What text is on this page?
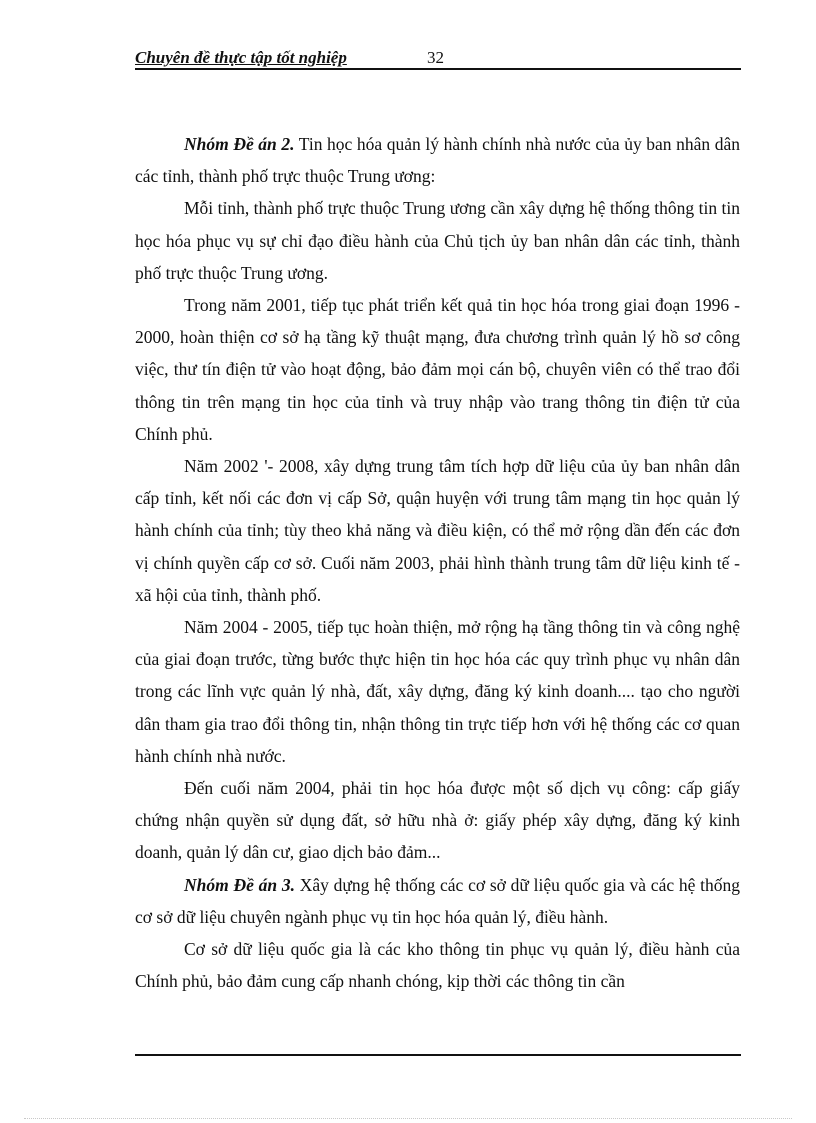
Chuyên đề thực tập tốt nghiệp	32

Nhóm Đề án 2. Tin học hóa quản lý hành chính nhà nước của ủy ban nhân dân các tỉnh, thành phố trực thuộc Trung ương:

Mỗi tỉnh, thành phố trực thuộc Trung ương cần xây dựng hệ thống thông tin tin học hóa phục vụ sự chỉ đạo điều hành của Chủ tịch ủy ban nhân dân các tỉnh, thành phố trực thuộc Trung ương.

Trong năm 2001, tiếp tục phát triển kết quả tin học hóa trong giai đoạn 1996 - 2000, hoàn thiện cơ sở hạ tầng kỹ thuật mạng, đưa chương trình quản lý hồ sơ công việc, thư tín điện tử vào hoạt động, bảo đảm mọi cán bộ, chuyên viên có thể trao đổi thông tin trên mạng tin học của tỉnh và truy nhập vào trang thông tin điện tử của Chính phủ.

Năm 2002 '- 2008, xây dựng trung tâm tích hợp dữ liệu của ủy ban nhân dân cấp tỉnh, kết nối các đơn vị cấp Sở, quận huyện với trung tâm mạng tin học quản lý hành chính của tỉnh; tùy theo khả năng và điều kiện, có thể mở rộng dần đến các đơn vị chính quyền cấp cơ sở. Cuối năm 2003, phải hình thành trung tâm dữ liệu kinh tế - xã hội của tỉnh, thành phố.

Năm 2004 - 2005, tiếp tục hoàn thiện, mở rộng hạ tầng thông tin và công nghệ của giai đoạn trước, từng bước thực hiện tin học hóa các quy trình phục vụ nhân dân trong các lĩnh vực quản lý nhà, đất, xây dựng, đăng ký kinh doanh.... tạo cho người dân tham gia trao đổi thông tin, nhận thông tin trực tiếp hơn với hệ thống các cơ quan hành chính nhà nước.

Đến cuối năm 2004, phải tin học hóa được một số dịch vụ công: cấp giấy chứng nhận quyền sử dụng đất, sở hữu nhà ở: giấy phép xây dựng, đăng ký kinh doanh, quản lý dân cư, giao dịch bảo đảm...

Nhóm Đề án 3. Xây dựng hệ thống các cơ sở dữ liệu quốc gia và các hệ thống cơ sở dữ liệu chuyên ngành phục vụ tin học hóa quản lý, điều hành.

Cơ sở dữ liệu quốc gia là các kho thông tin phục vụ quản lý, điều hành của Chính phủ, bảo đảm cung cấp nhanh chóng, kịp thời các thông tin cần
